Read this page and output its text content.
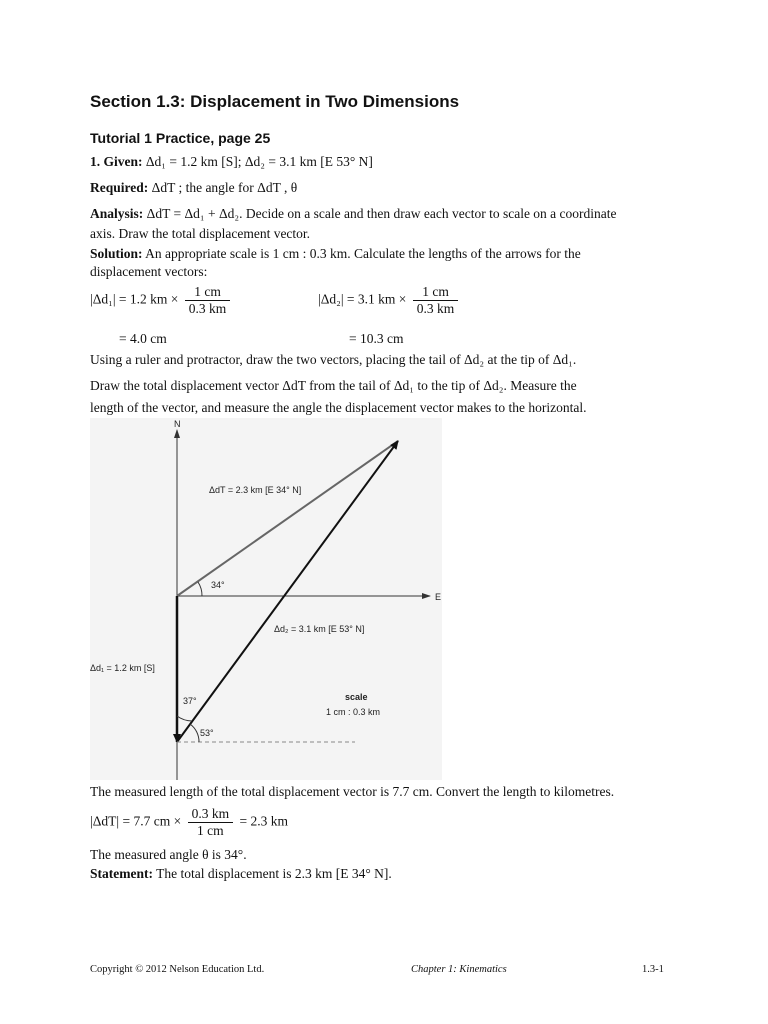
Section 1.3: Displacement in Two Dimensions
Tutorial 1 Practice, page 25
1. Given: Δd₁ = 1.2 km [S]; Δd₂ = 3.1 km [E 53° N]
Required: ΔdT ; the angle for ΔdT , θ
Analysis: ΔdT = Δd₁ + Δd₂. Decide on a scale and then draw each vector to scale on a coordinate
axis. Draw the total displacement vector.
Solution: An appropriate scale is 1 cm : 0.3 km. Calculate the lengths of the arrows for the
displacement vectors:
|Δd₁| = 1.2 km × $\frac{1 cm}{0.3 km}$
= 4.0 cm
|Δd₂| = 3.1 km × $\frac{1 cm}{0.3 km}$
= 10.3 cm
Using a ruler and protractor, draw the two vectors, placing the tail of Δd₂ at the tip of Δd₁.
Draw the total displacement vector ΔdT from the tail of Δd₁ to the tip of Δd₂. Measure the
length of the vector, and measure the angle the displacement vector makes to the horizontal.
N
E
ΔdT = 2.3 km [E 34° N]
Δd₂ = 3.1 km [E 53° N]
Δd₁ = 1.2 km [S]
34°
37°
53°
scale
1 cm : 0.3 km
The measured length of the total displacement vector is 7.7 cm. Convert the length to kilometres.
|ΔdT| = 7.7 cm × $\frac{0.3 km}{1 cm} = 2.3$ km
The measured angle θ is 34°.
Statement: The total displacement is 2.3 km [E 34° N].
Copyright © 2012 Nelson Education Ltd.	Chapter 1: Kinematics	1.3-1
